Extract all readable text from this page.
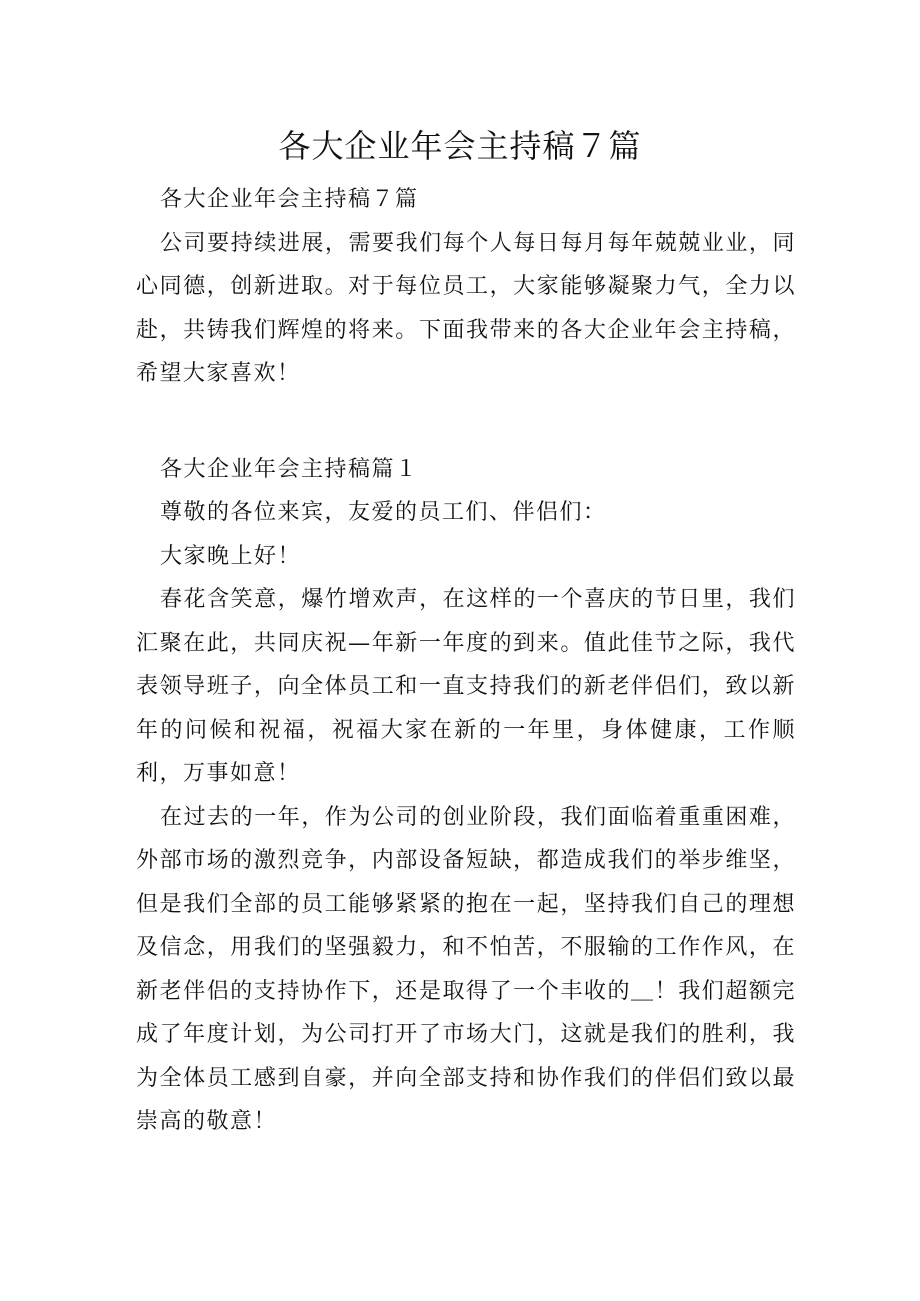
各大企业年会主持稿７篇

各大企业年会主持稿７篇

公司要持续进展，需要我们每个人每日每月每年兢兢业业，同心同德，创新进取。对于每位员工，大家能够凝聚力气，全力以赴，共铸我们辉煌的将来。下面我带来的各大企业年会主持稿，希望大家喜欢！

各大企业年会主持稿篇１

尊敬的各位来宾，友爱的员工们、伴侣们：

大家晚上好！

春花含笑意，爆竹增欢声，在这样的一个喜庆的节日里，我们汇聚在此，共同庆祝—年新一年度的到来。值此佳节之际，我代表领导班子，向全体员工和一直支持我们的新老伴侣们，致以新年的问候和祝福，祝福大家在新的一年里，身体健康，工作顺利，万事如意！

在过去的一年，作为公司的创业阶段，我们面临着重重困难，外部市场的激烈竞争，内部设备短缺，都造成我们的举步维坚，但是我们全部的员工能够紧紧的抱在一起，坚持我们自己的理想及信念，用我们的坚强毅力，和不怕苦，不服输的工作作风，在新老伴侣的支持协作下，还是取得了一个丰收的＿！我们超额完成了年度计划，为公司打开了市场大门，这就是我们的胜利，我为全体员工感到自豪，并向全部支持和协作我们的伴侣们致以最崇高的敬意！
